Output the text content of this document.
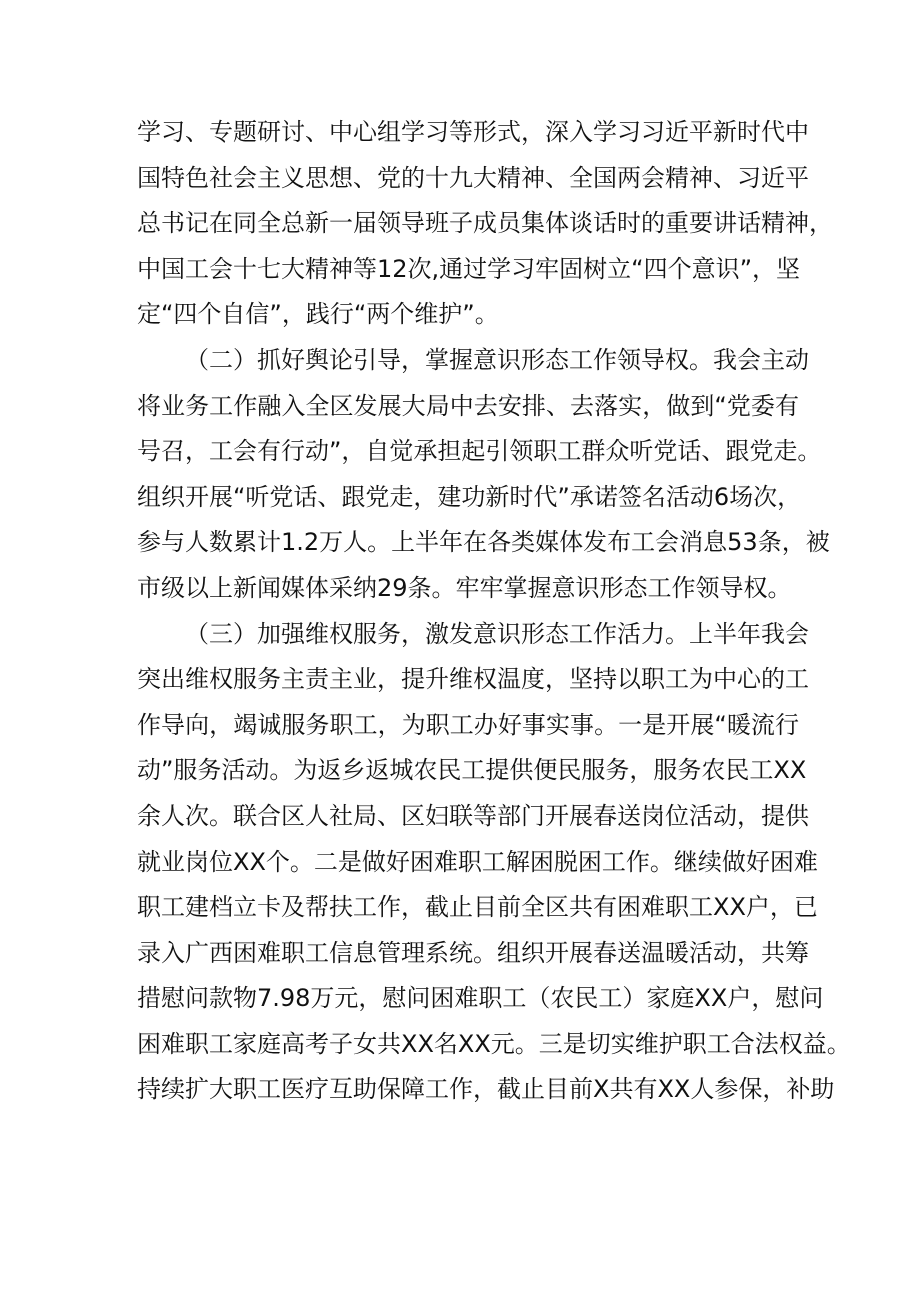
学习、专题研讨、中心组学习等形式，深入学习习近平新时代中
国特色社会主义思想、党的十九大精神、全国两会精神、习近平
总书记在同全总新一届领导班子成员集体谈话时的重要讲话精神，
中国工会十七大精神等12次,通过学习牢固树立“四个意识”，坚
定“四个自信”，践行“两个维护”。
（二）抓好舆论引导，掌握意识形态工作领导权。我会主动
将业务工作融入全区发展大局中去安排、去落实，做到“党委有
号召，工会有行动”，自觉承担起引领职工群众听党话、跟党走。
组织开展“听党话、跟党走，建功新时代”承诺签名活动6场次，
参与人数累计1.2万人。上半年在各类媒体发布工会消息53条，被
市级以上新闻媒体采纳29条。牢牢掌握意识形态工作领导权。
（三）加强维权服务，激发意识形态工作活力。上半年我会
突出维权服务主责主业，提升维权温度，坚持以职工为中心的工
作导向，竭诚服务职工，为职工办好事实事。一是开展“暖流行
动”服务活动。为返乡返城农民工提供便民服务，服务农民工XX
余人次。联合区人社局、区妇联等部门开展春送岗位活动，提供
就业岗位XX个。二是做好困难职工解困脱困工作。继续做好困难
职工建档立卡及帮扶工作，截止目前全区共有困难职工XX户，已
录入广西困难职工信息管理系统。组织开展春送温暖活动，共筹
措慰问款物7.98万元，慰问困难职工（农民工）家庭XX户，慰问
困难职工家庭高考子女共XX名XX元。三是切实维护职工合法权益。
持续扩大职工医疗互助保障工作，截止目前X共有XX人参保，补助
